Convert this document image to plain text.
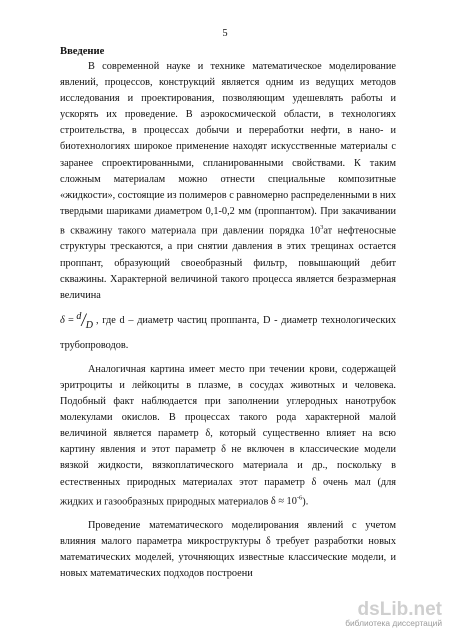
5
Введение

В современной науке и технике математическое моделирование явлений, процессов, конструкций является одним из ведущих методов исследования и проектирования, позволяющим удешевлять работы и ускорять их проведение. В аэрокосмической области, в технологиях строительства, в процессах добычи и переработки нефти, в нано- и биотехнологиях широкое применение находят искусственные материалы с заранее спроектированными, спланированными свойствами. К таким сложным материалам можно отнести специальные композитные «жидкости», состоящие из полимеров с равномерно распределенными в них твердыми шариками диаметром 0,1-0,2 мм (проппантом). При закачивании в скважину такого материала при давлении порядка $10^3ат$ нефтеносные структуры трескаются, а при снятии давления в этих трещинах остается проппант, образующий своеобразный фильтр, повышающий дебит скважины. Характерной величиной такого процесса является безразмерная величина

δ = d / D , где d – диаметр частиц проппанта, D - диаметр технологических

трубопроводов.

Аналогичная картина имеет место при течении крови, содержащей эритроциты и лейкоциты в плазме, в сосудах животных и человека. Подобный факт наблюдается при заполнении углеродных нанотрубок молекулами окислов. В процессах такого рода характерной малой величиной является параметр δ, который существенно влияет на всю картину явления и этот параметр δ не включен в классические модели вязкой жидкости, вязкоплатического материала и др., поскольку в естественных природных материалах этот параметр δ очень мал (для жидких и газообразных природных материалов $\delta \approx 10^{-6}$).

Проведение математического моделирования явлений с учетом влияния малого параметра микроструктуры δ требует разработки новых математических моделей, уточняющих известные классические модели, и новых математических подходов построени

dsLib.net
библиотека диссертаций
